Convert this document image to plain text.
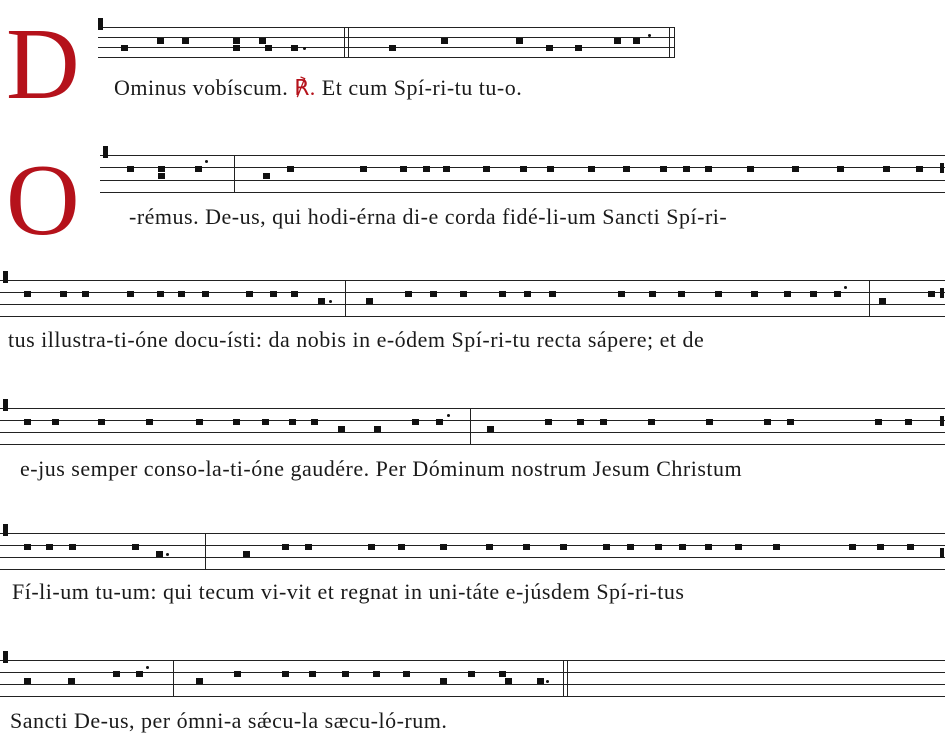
D Ominus vobíscum. ℟. Et cum Spí-ri-tu tu-o.
O -rémus. De-us, qui hodi-érna di-e corda fidé-li-um Sancti Spí-ri-
tus illustra-ti-óne docu-ísti: da nobis in e-ódem Spí-ri-tu recta sápere; et de
e-jus semper conso-la-ti-óne gaudére. Per Dóminum nostrum Jesum Christum
Fí-li-um tu-um: qui tecum vi-vit et regnat in uni-táte e-júsdem Spí-ri-tus
Sancti De-us, per ómni-a sǽcu-la sæcu-ló-rum.
